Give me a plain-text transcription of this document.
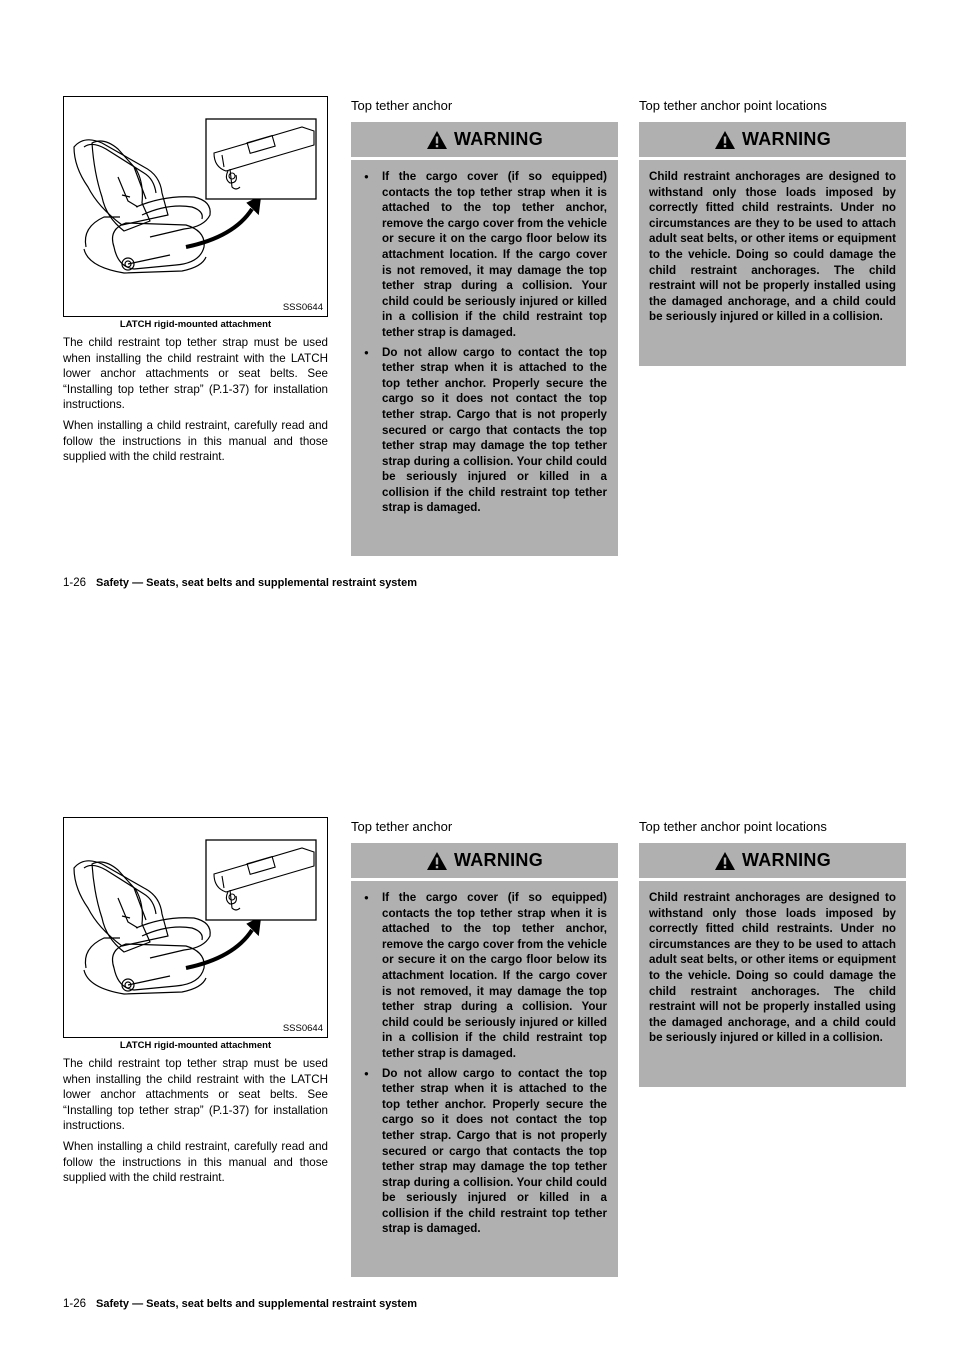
SSS0644
LATCH rigid-mounted attachment

The child restraint top tether strap must be used when installing the child restraint with the LATCH lower anchor attachments or seat belts. See “Installing top tether strap” (P.1-37) for installation instructions.

When installing a child restraint, carefully read and follow the instructions in this manual and those supplied with the child restraint.

Top tether anchor
WARNING
● If the cargo cover (if so equipped) contacts the top tether strap when it is attached to the top tether anchor, remove the cargo cover from the vehicle or secure it on the cargo floor below its attachment location. If the cargo cover is not removed, it may damage the top tether strap during a collision. Your child could be seriously injured or killed in a collision if the child restraint top tether strap is damaged.
● Do not allow cargo to contact the top tether strap when it is attached to the top tether anchor. Properly secure the cargo so it does not contact the top tether strap. Cargo that is not properly secured or cargo that contacts the top tether strap may damage the top tether strap during a collision. Your child could be seriously injured or killed in a collision if the child restraint top tether strap is damaged.
Top tether anchor point locations
WARNING

Child restraint anchorages are designed to withstand only those loads imposed by correctly fitted child restraints. Under no circumstances are they to be used to attach adult seat belts, or other items or equipment to the vehicle. Doing so could damage the child restraint anchorages. The child restraint will not be properly installed using the damaged anchorage, and a child could be seriously injured or killed in a collision.

1-26 Safety — Seats, seat belts and supplemental restraint system
SSS0644
LATCH rigid-mounted attachment

The child restraint top tether strap must be used when installing the child restraint with the LATCH lower anchor attachments or seat belts. See “Installing top tether strap” (P.1-37) for installation instructions.

When installing a child restraint, carefully read and follow the instructions in this manual and those supplied with the child restraint.

Top tether anchor
WARNING
● If the cargo cover (if so equipped) contacts the top tether strap when it is attached to the top tether anchor, remove the cargo cover from the vehicle or secure it on the cargo floor below its attachment location. If the cargo cover is not removed, it may damage the top tether strap during a collision. Your child could be seriously injured or killed in a collision if the child restraint top tether strap is damaged.
● Do not allow cargo to contact the top tether strap when it is attached to the top tether anchor. Properly secure the cargo so it does not contact the top tether strap. Cargo that is not properly secured or cargo that contacts the top tether strap may damage the top tether strap during a collision. Your child could be seriously injured or killed in a collision if the child restraint top tether strap is damaged.
Top tether anchor point locations
WARNING

Child restraint anchorages are designed to withstand only those loads imposed by correctly fitted child restraints. Under no circumstances are they to be used to attach adult seat belts, or other items or equipment to the vehicle. Doing so could damage the child restraint anchorages. The child restraint will not be properly installed using the damaged anchorage, and a child could be seriously injured or killed in a collision.

1-26 Safety — Seats, seat belts and supplemental restraint system
